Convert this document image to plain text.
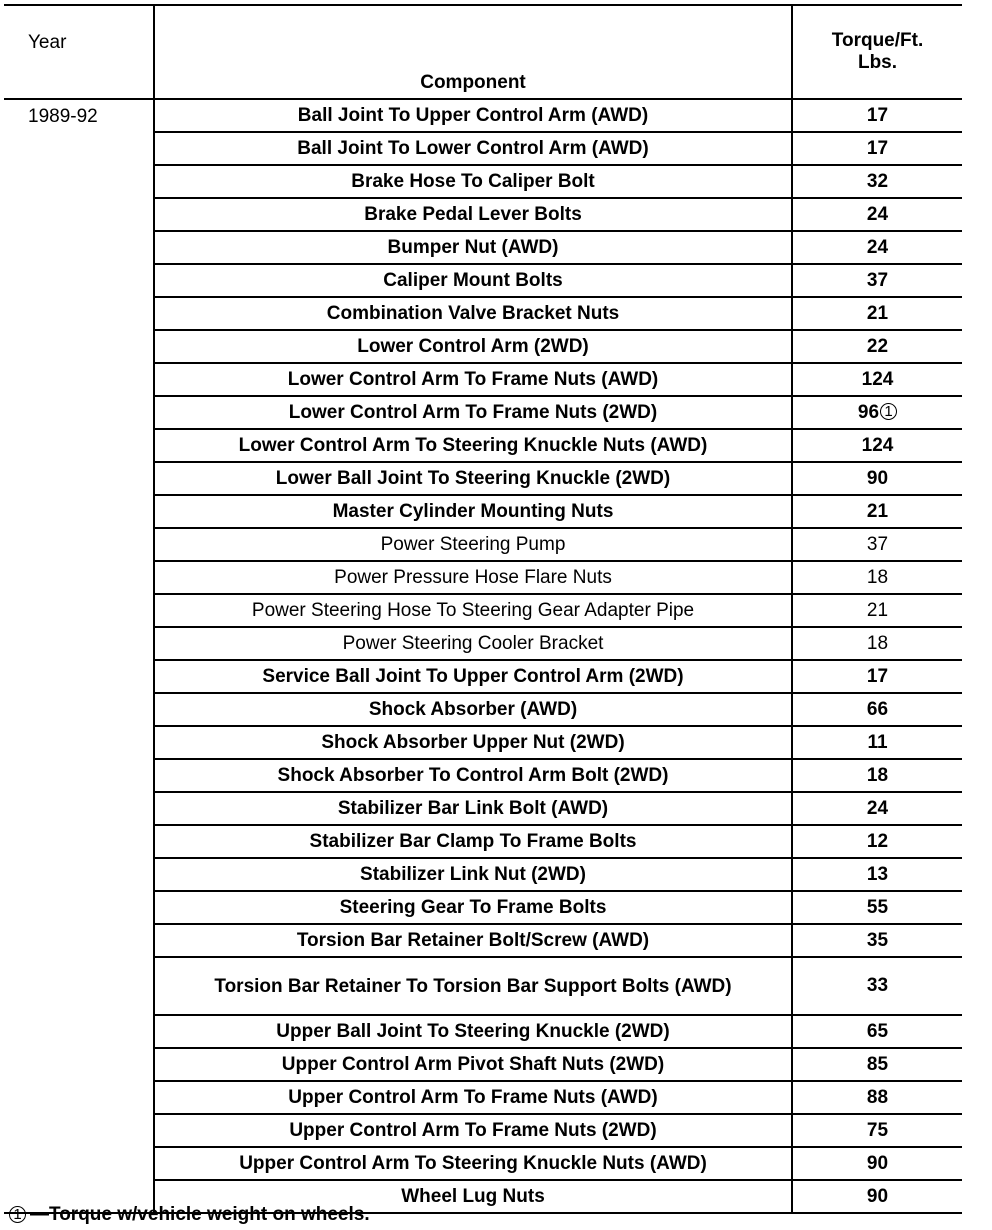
Year	Component	Torque/Ft.
Lbs.
1989-92	Ball Joint To Upper Control Arm (AWD)	17
	Ball Joint To Lower Control Arm (AWD)	17
	Brake Hose To Caliper Bolt	32
	Brake Pedal Lever Bolts	24
	Bumper Nut (AWD)	24
	Caliper Mount Bolts	37
	Combination Valve Bracket Nuts	21
	Lower Control Arm (2WD)	22
	Lower Control Arm To Frame Nuts (AWD)	124
	Lower Control Arm To Frame Nuts (2WD)	96 1
	Lower Control Arm To Steering Knuckle Nuts (AWD)	124
	Lower Ball Joint To Steering Knuckle (2WD)	90
	Master Cylinder Mounting Nuts	21
	Power Steering Pump	37
	Power Pressure Hose Flare Nuts	18
	Power Steering Hose To Steering Gear Adapter Pipe	21
	Power Steering Cooler Bracket	18
	Service Ball Joint To Upper Control Arm (2WD)	17
	Shock Absorber (AWD)	66
	Shock Absorber Upper Nut (2WD)	11
	Shock Absorber To Control Arm Bolt (2WD)	18
	Stabilizer Bar Link Bolt (AWD)	24
	Stabilizer Bar Clamp To Frame Bolts	12
	Stabilizer Link Nut (2WD)	13
	Steering Gear To Frame Bolts	55
	Torsion Bar Retainer Bolt/Screw (AWD)	35
	Torsion Bar Retainer To Torsion Bar Support Bolts (AWD)	33
	Upper Ball Joint To Steering Knuckle (2WD)	65
	Upper Control Arm Pivot Shaft Nuts (2WD)	85
	Upper Control Arm To Frame Nuts (AWD)	88
	Upper Control Arm To Frame Nuts (2WD)	75
	Upper Control Arm To Steering Knuckle Nuts (AWD)	90
	Wheel Lug Nuts	90
1 —Torque w/vehicle weight on wheels.
